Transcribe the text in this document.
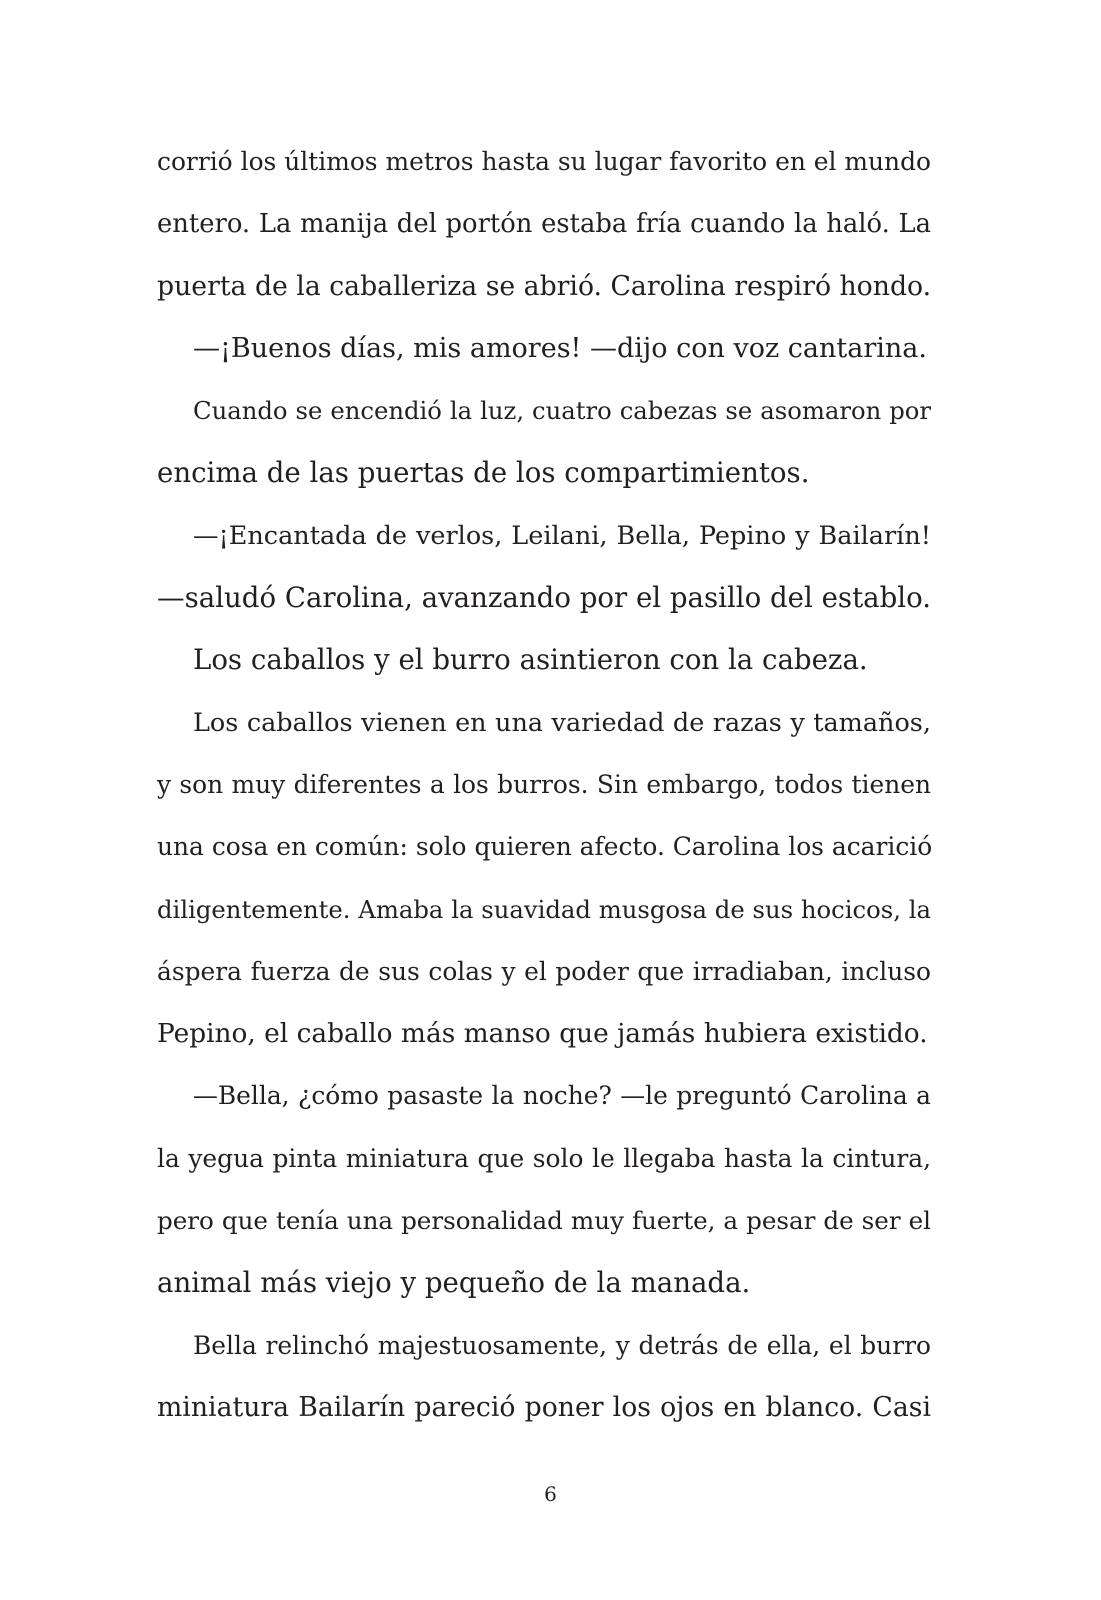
corrió los últimos metros hasta su lugar favorito en el mundo
entero. La manija del portón estaba fría cuando la haló. La
puerta de la caballeriza se abrió. Carolina respiró hondo.
—¡Buenos días, mis amores! —dijo con voz cantarina.
Cuando se encendió la luz, cuatro cabezas se asomaron por
encima de las puertas de los compartimientos.
—¡Encantada de verlos, Leilani, Bella, Pepino y Bailarín!
—saludó Carolina, avanzando por el pasillo del establo.
Los caballos y el burro asintieron con la cabeza.
Los caballos vienen en una variedad de razas y tamaños,
y son muy diferentes a los burros. Sin embargo, todos tienen
una cosa en común: solo quieren afecto. Carolina los acarició
diligentemente. Amaba la suavidad musgosa de sus hocicos, la
áspera fuerza de sus colas y el poder que irradiaban, incluso
Pepino, el caballo más manso que jamás hubiera existido.
—Bella, ¿cómo pasaste la noche? —le preguntó Carolina a
la yegua pinta miniatura que solo le llegaba hasta la cintura,
pero que tenía una personalidad muy fuerte, a pesar de ser el
animal más viejo y pequeño de la manada.
Bella relinchó majestuosamente, y detrás de ella, el burro
miniatura Bailarín pareció poner los ojos en blanco. Casi
6
